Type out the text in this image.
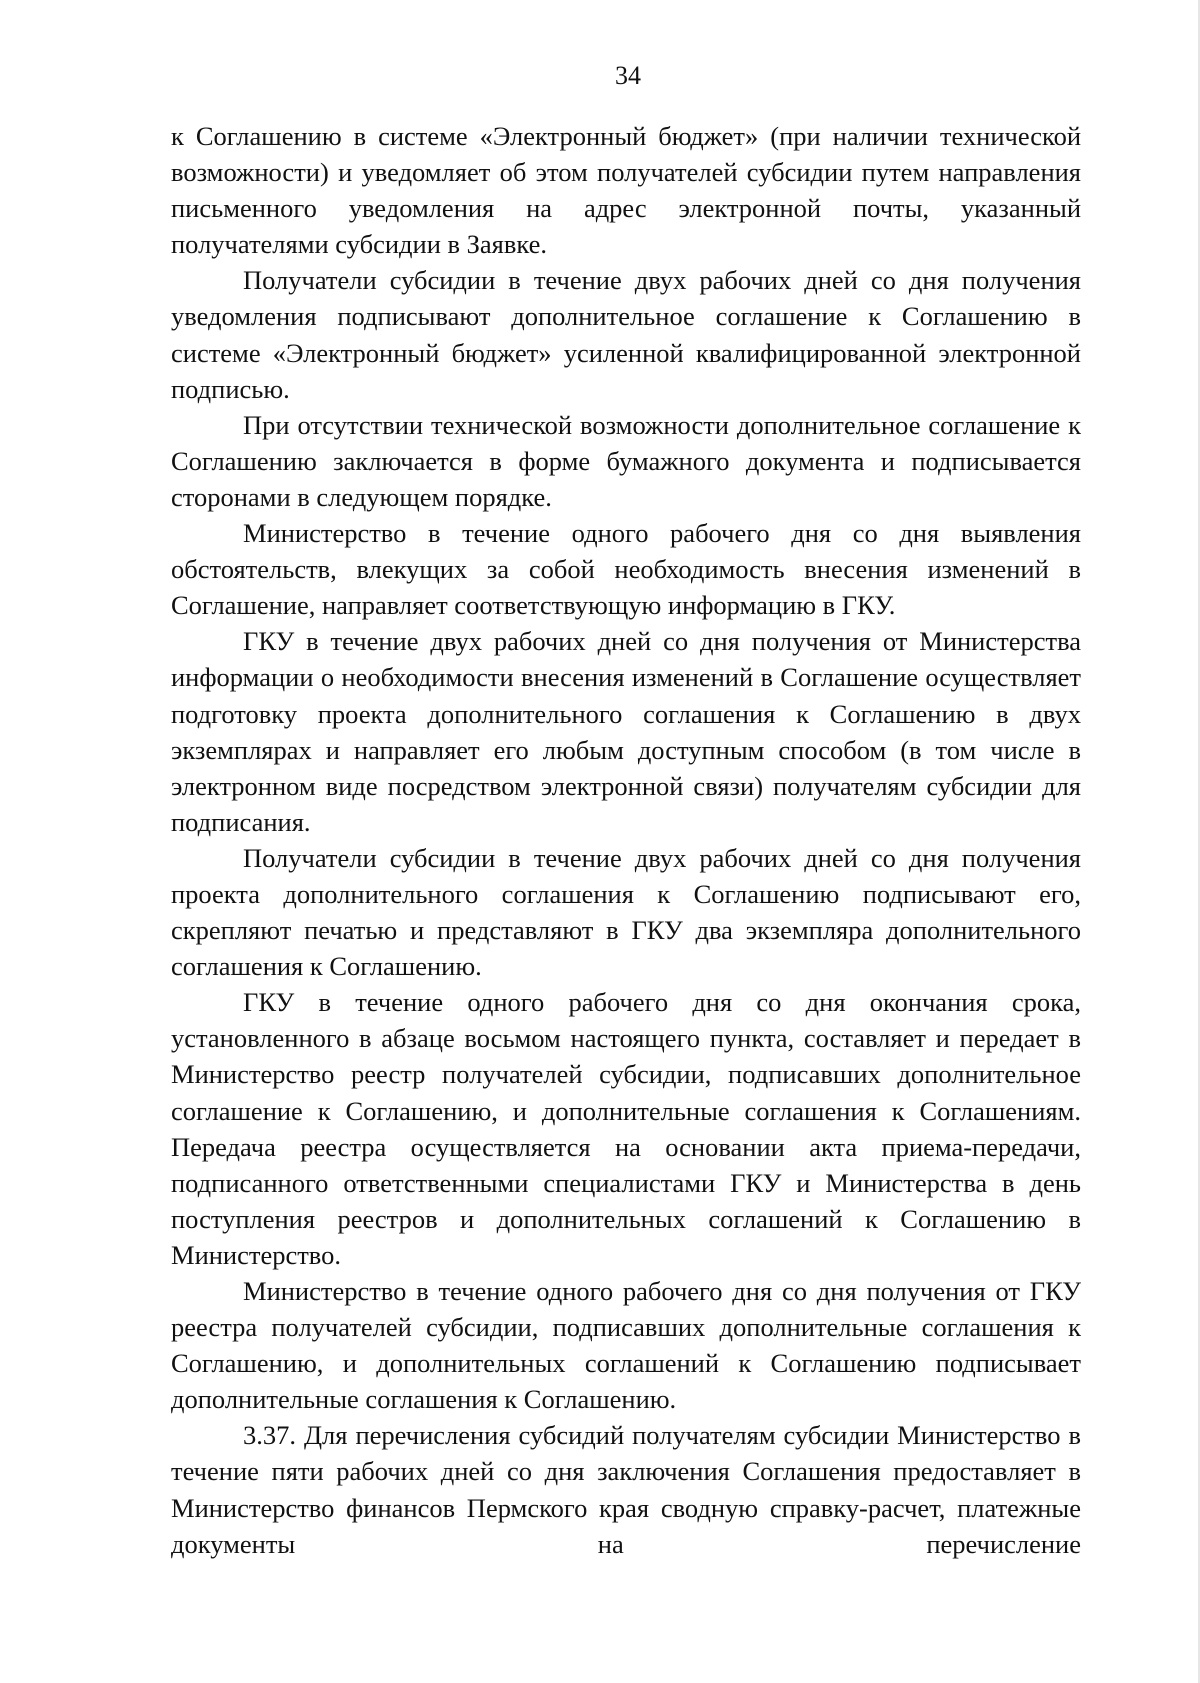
34

к Соглашению в системе «Электронный бюджет» (при наличии технической возможности) и уведомляет об этом получателей субсидии путем направления письменного уведомления на адрес электронной почты, указанный получателями субсидии в Заявке.

Получатели субсидии в течение двух рабочих дней со дня получения уведомления подписывают дополнительное соглашение к Соглашению в системе «Электронный бюджет» усиленной квалифицированной электронной подписью.

При отсутствии технической возможности дополнительное соглашение к Соглашению заключается в форме бумажного документа и подписывается сторонами в следующем порядке.

Министерство в течение одного рабочего дня со дня выявления обстоятельств, влекущих за собой необходимость внесения изменений в Соглашение, направляет соответствующую информацию в ГКУ.

ГКУ в течение двух рабочих дней со дня получения от Министерства информации о необходимости внесения изменений в Соглашение осуществляет подготовку проекта дополнительного соглашения к Соглашению в двух экземплярах и направляет его любым доступным способом (в том числе в электронном виде посредством электронной связи) получателям субсидии для подписания.

Получатели субсидии в течение двух рабочих дней со дня получения проекта дополнительного соглашения к Соглашению подписывают его, скрепляют печатью и представляют в ГКУ два экземпляра дополнительного соглашения к Соглашению.

ГКУ в течение одного рабочего дня со дня окончания срока, установленного в абзаце восьмом настоящего пункта, составляет и передает в Министерство реестр получателей субсидии, подписавших дополнительное соглашение к Соглашению, и дополнительные соглашения к Соглашениям. Передача реестра осуществляется на основании акта приема-передачи, подписанного ответственными специалистами ГКУ и Министерства в день поступления реестров и дополнительных соглашений к Соглашению в Министерство.

Министерство в течение одного рабочего дня со дня получения от ГКУ реестра получателей субсидии, подписавших дополнительные соглашения к Соглашению, и дополнительных соглашений к Соглашению подписывает дополнительные соглашения к Соглашению.

3.37. Для перечисления субсидий получателям субсидии Министерство в течение пяти рабочих дней со дня заключения Соглашения предоставляет в Министерство финансов Пермского края сводную справку-расчет, платежные документы на перечисление
